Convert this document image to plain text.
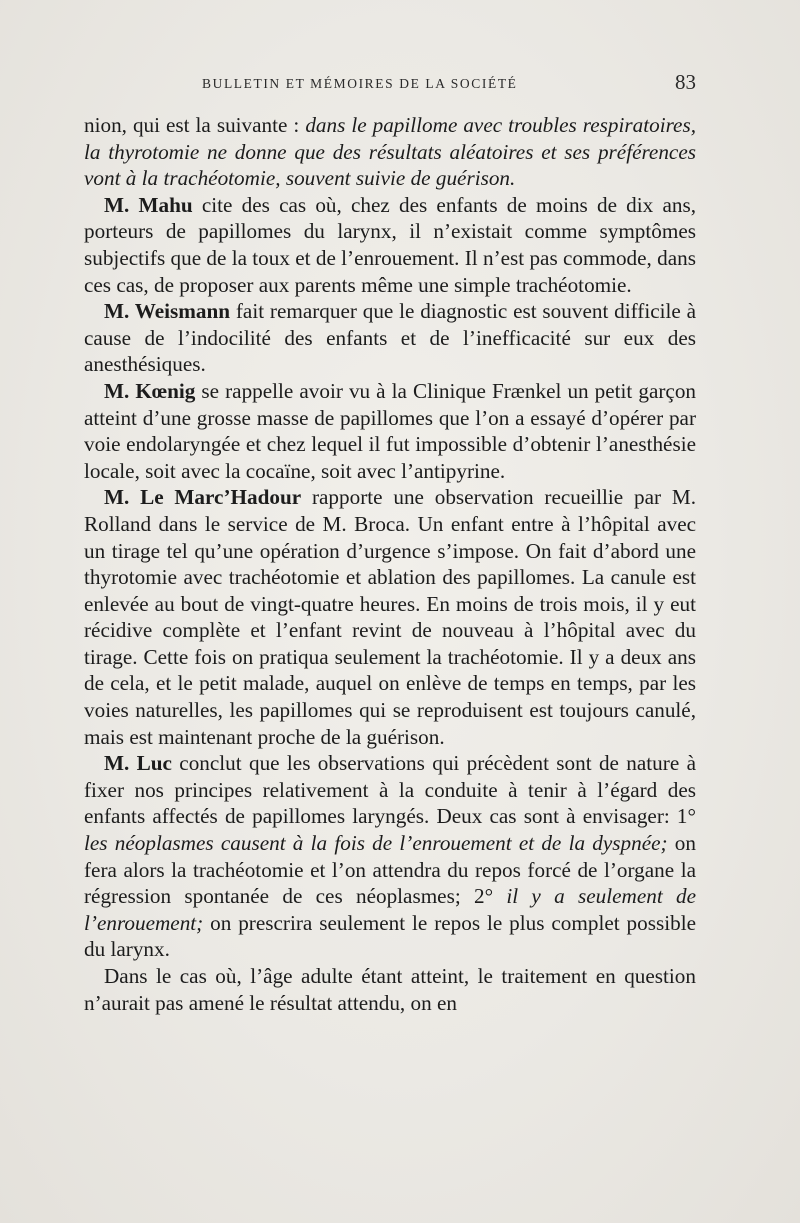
BULLETIN ET MÉMOIRES DE LA SOCIÉTÉ	83

nion, qui est la suivante : dans le papillome avec troubles respiratoires, la thyrotomie ne donne que des résultats aléatoires et ses préférences vont à la trachéotomie, souvent suivie de guérison.

M. Mahu cite des cas où, chez des enfants de moins de dix ans, porteurs de papillomes du larynx, il n’existait comme symptômes subjectifs que de la toux et de l’enrouement. Il n’est pas commode, dans ces cas, de proposer aux parents même une simple trachéotomie.

M. Weismann fait remarquer que le diagnostic est souvent difficile à cause de l’indocilité des enfants et de l’inefficacité sur eux des anesthésiques.

M. Kœnig se rappelle avoir vu à la Clinique Frænkel un petit garçon atteint d’une grosse masse de papillomes que l’on a essayé d’opérer par voie endolaryngée et chez lequel il fut impossible d’obtenir l’anesthésie locale, soit avec la cocaïne, soit avec l’antipyrine.

M. Le Marc’Hadour rapporte une observation recueillie par M. Rolland dans le service de M. Broca. Un enfant entre à l’hôpital avec un tirage tel qu’une opération d’urgence s’impose. On fait d’abord une thyrotomie avec trachéotomie et ablation des papillomes. La canule est enlevée au bout de vingt-quatre heures. En moins de trois mois, il y eut récidive complète et l’enfant revint de nouveau à l’hôpital avec du tirage. Cette fois on pratiqua seulement la trachéotomie. Il y a deux ans de cela, et le petit malade, auquel on enlève de temps en temps, par les voies naturelles, les papillomes qui se reproduisent est toujours canulé, mais est maintenant proche de la guérison.

M. Luc conclut que les observations qui précèdent sont de nature à fixer nos principes relativement à la conduite à tenir à l’égard des enfants affectés de papillomes laryngés. Deux cas sont à envisager: 1° les néoplasmes causent à la fois de l’enrouement et de la dyspnée; on fera alors la trachéotomie et l’on attendra du repos forcé de l’organe la régression spontanée de ces néoplasmes; 2° il y a seulement de l’enrouement; on prescrira seulement le repos le plus complet possible du larynx.

Dans le cas où, l’âge adulte étant atteint, le traitement en question n’aurait pas amené le résultat attendu, on en
